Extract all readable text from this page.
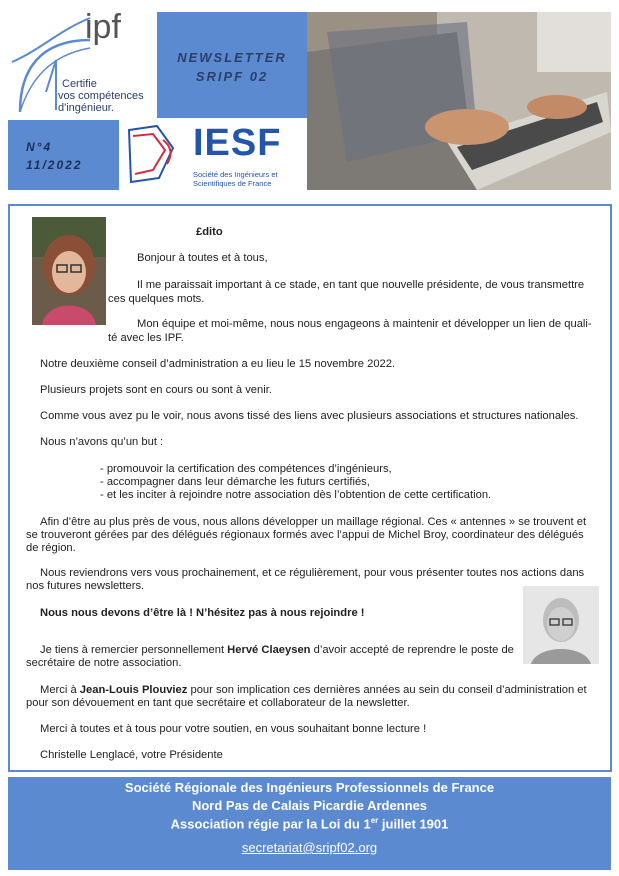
ipf
Certifie
vos compétences
d'ingénieur.
NEWSLETTER
SRIPF 02
N°4
11/2022
IESF
Société des Ingénieurs et
Scientifiques de France
£dito
Bonjour à toutes et à tous,
Il me paraissait important à ce stade, en tant que nouvelle présidente, de vous transmettre
ces quelques mots.
Mon équipe et moi-même, nous nous engageons à maintenir et développer un lien de quali-
té avec les IPF.
Notre deuxième conseil d’administration a eu lieu le 15 novembre 2022.
Plusieurs projets sont en cours ou sont à venir.
Comme vous avez pu le voir, nous avons tissé des liens avec plusieurs associations et structures nationales.
Nous n’avons qu’un but :
- promouvoir la certification des compétences d’ingénieurs,
- accompagner dans leur démarche les futurs certifiés,
- et les inciter à rejoindre notre association dès l’obtention de cette certification.
Afin d’être au plus près de vous, nous allons développer un maillage régional. Ces « antennes » se trouvent et
se trouveront gérées par des délégués régionaux formés avec l’appui de Michel Broy, coordinateur des délégués
de région.
Nous reviendrons vers vous prochainement, et ce régulièrement, pour vous présenter toutes nos actions dans
nos futures newsletters.
Nous nous devons d’être là ! N’hésitez pas à nous rejoindre !
Je tiens à remercier personnellement Hervé Claeysen d’avoir accepté de reprendre le poste de
secrétaire de notre association.
Merci à Jean-Louis Plouviez pour son implication ces dernières années au sein du conseil d’administration et
pour son dévouement en tant que secrétaire et collaborateur de la newsletter.
Merci à toutes et à tous pour votre soutien, en vous souhaitant bonne lecture !
Christelle Lenglacé, votre Présidente
Société Régionale des Ingénieurs Professionnels de France
Nord Pas de Calais Picardie Ardennes
Association régie par la Loi du 1er juillet 1901
secretariat@sripf02.org
